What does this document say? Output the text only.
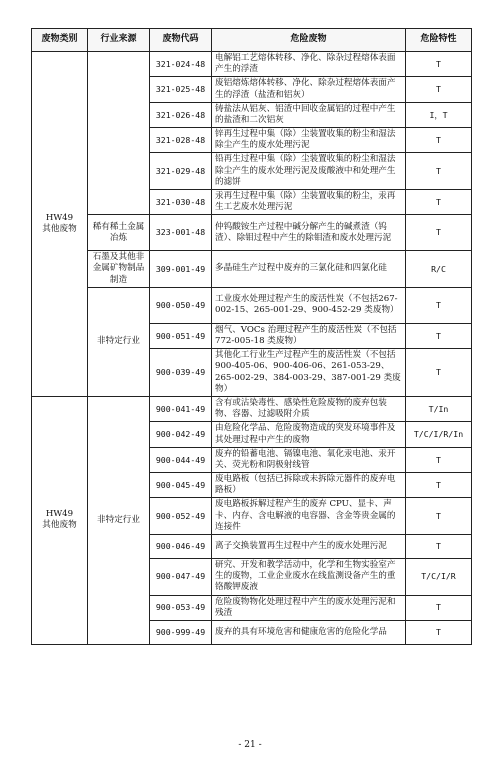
废物类别	行业来源	废物代码	危险废物	危险特性
HW49
其他废物		321-024-48	电解铝工艺熔体转移、净化、除杂过程熔体表面产生的浮渣	T
		321-025-48	废铝熔炼熔体转移、净化、除杂过程熔体表面产生的浮渣（盐渣和铝灰）	T
		321-026-48	铸盐法从铝灰、铝渣中回收金属铝的过程中产生的盐渣和二次铝灰	I，T
		321-028-48	锌再生过程中集（除）尘装置收集的粉尘和湿法除尘产生的废水处理污泥	T
		321-029-48	铅再生过程中集（除）尘装置收集的粉尘和湿法除尘产生的废水处理污泥及废酸液中和处理产生的滤饼	T
		321-030-48	汞再生过程中集（除）尘装置收集的粉尘，汞再生工艺废水处理污泥	T
	稀有稀土金属冶炼	323-001-48	仲钨酸铵生产过程中碱分解产生的碱煮渣（钨渣）、除钼过程中产生的除钼渣和废水处理污泥	T
	石墨及其他非金属矿物制品制造	309-001-49	多晶硅生产过程中废弃的三氯化硅和四氯化硅	R/C
	非特定行业	900-050-49	工业废水处理过程产生的废活性炭（不包括267-002-15、265-001-29、900-452-29 类废物）	T
		900-051-49	烟气、VOCs 治理过程产生的废活性炭（不包括772-005-18 类废物）	T
		900-039-49	其他化工行业生产过程产生的废活性炭（不包括900-405-06、900-406-06、261-053-29、265-002-29、384-003-29、387-001-29 类废物）	T
HW49
其他废物	非特定行业	900-041-49	含有或沾染毒性、感染性危险废物的废弃包装物、容器、过滤吸附介质	T/In
		900-042-49	由危险化学品、危险废物造成的突发环境事件及其处理过程中产生的废物	T/C/I/R/In
		900-044-49	废弃的铅蓄电池、镉镍电池、氧化汞电池、汞开关、荧光粉和阴极射线管	T
		900-045-49	废电路板（包括已拆除或未拆除元器件的废弃电路板）	T
		900-052-49	废电路板拆解过程产生的废弃 CPU、显卡、声卡、内存、含电解液的电容器、含金等贵金属的连接件	T
		900-046-49	离子交换装置再生过程中产生的废水处理污泥	T
		900-047-49	研究、开发和教学活动中，化学和生物实验室产生的废物，工业企业废水在线监测设备产生的重铬酸钾废液	T/C/I/R
		900-053-49	危险废物物化处理过程中产生的废水处理污泥和残渣	T
		900-999-49	废弃的具有环境危害和健康危害的危险化学品	T
- 21 -
